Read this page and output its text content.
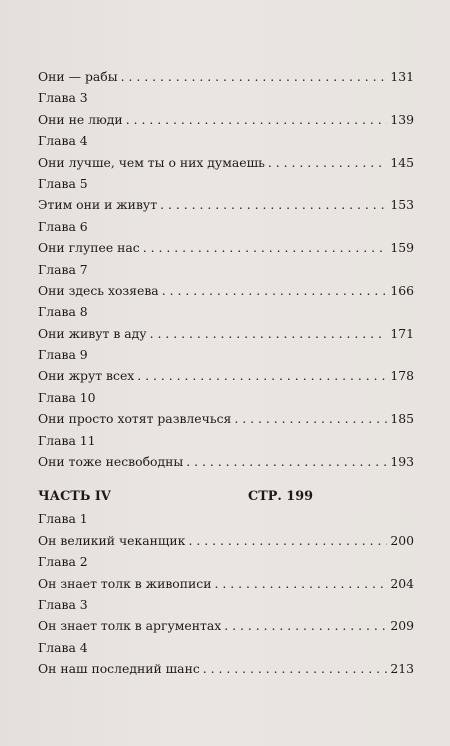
Они — рабы . . .	131
Глава 3
Они не люди . . .	139
Глава 4
Они лучше, чем ты о них думаешь . . .	145
Глава 5
Этим они и живут . . .	153
Глава 6
Они глупее нас . . .	159
Глава 7
Они здесь хозяева . . .	166
Глава 8
Они живут в аду . . .	171
Глава 9
Они жрут всех . . .	178
Глава 10
Они просто хотят развлечься . . .	185
Глава 11
Они тоже несвободны . . .	193
ЧАСТЬ IV	СТР. 199
Глава 1
Он великий чеканщик . . .	200
Глава 2
Он знает толк в живописи . . .	204
Глава 3
Он знает толк в аргументах . . .	209
Глава 4
Он наш последний шанс . . .	213
